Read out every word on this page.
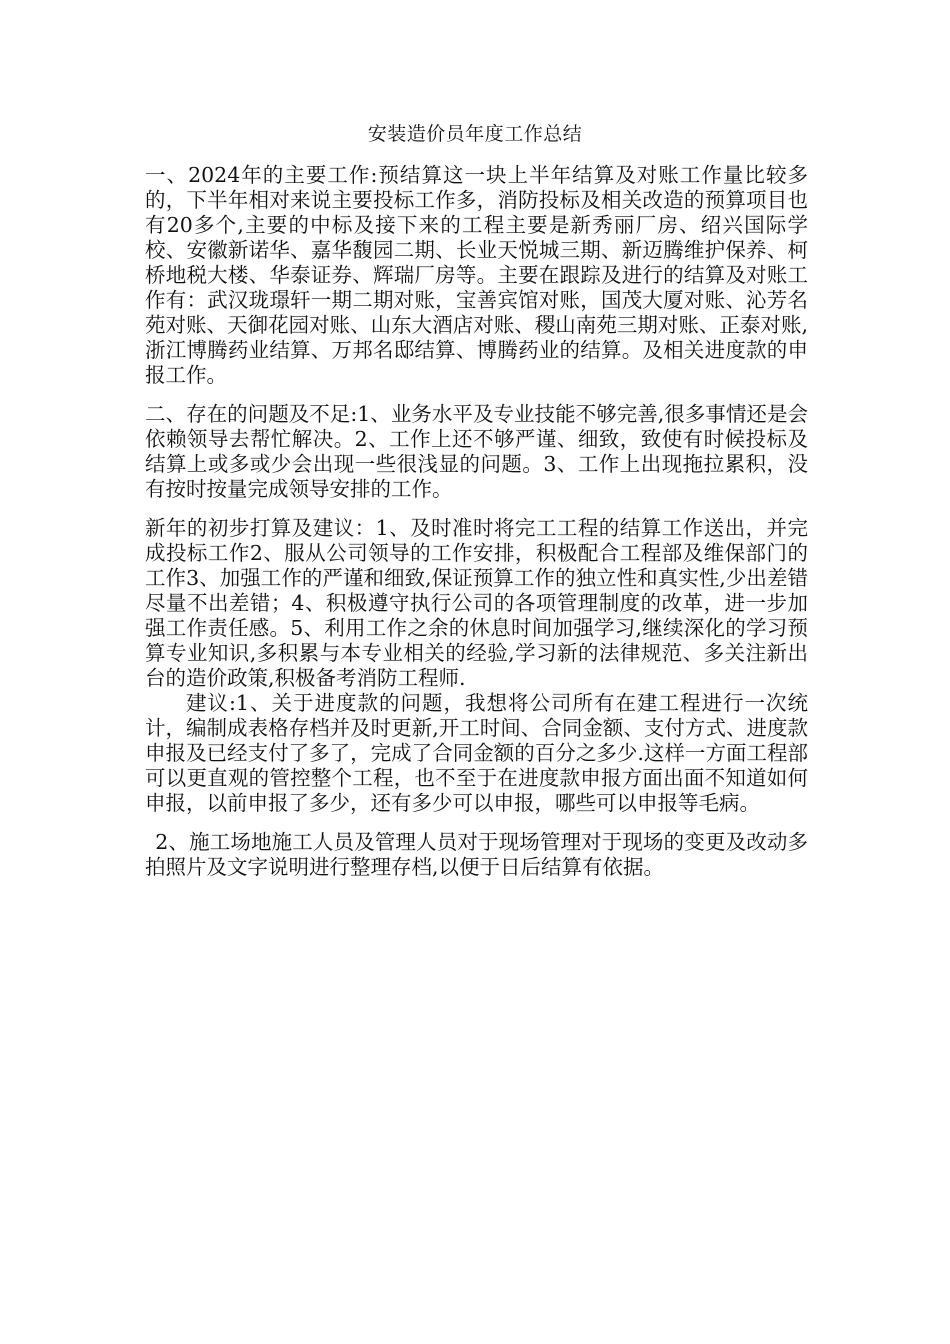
安装造价员年度工作总结

一、2024年的主要工作:预结算这一块上半年结算及对账工作量比较多的，下半年相对来说主要投标工作多，消防投标及相关改造的预算项目也有20多个,主要的中标及接下来的工程主要是新秀丽厂房、绍兴国际学校、安徽新诺华、嘉华馥园二期、长业天悦城三期、新迈腾维护保养、柯桥地税大楼、华泰证券、辉瑞厂房等。主要在跟踪及进行的结算及对账工作有：武汉珑璟轩一期二期对账，宝善宾馆对账，国茂大厦对账、沁芳名苑对账、天御花园对账、山东大酒店对账、稷山南苑三期对账、正泰对账,浙江博腾药业结算、万邦名邸结算、博腾药业的结算。及相关进度款的申报工作。

二、存在的问题及不足:1、业务水平及专业技能不够完善,很多事情还是会依赖领导去帮忙解决。2、工作上还不够严谨、细致，致使有时候投标及结算上或多或少会出现一些很浅显的问题。3、工作上出现拖拉累积，没有按时按量完成领导安排的工作。

新年的初步打算及建议：1、及时准时将完工工程的结算工作送出，并完成投标工作2、服从公司领导的工作安排，积极配合工程部及维保部门的工作3、加强工作的严谨和细致,保证预算工作的独立性和真实性,少出差错尽量不出差错；4、积极遵守执行公司的各项管理制度的改革，进一步加强工作责任感。5、利用工作之余的休息时间加强学习,继续深化的学习预算专业知识,多积累与本专业相关的经验,学习新的法律规范、多关注新出台的造价政策,积极备考消防工程师.

建议:1、关于进度款的问题，我想将公司所有在建工程进行一次统计，编制成表格存档并及时更新,开工时间、合同金额、支付方式、进度款申报及已经支付了多了，完成了合同金额的百分之多少.这样一方面工程部可以更直观的管控整个工程，也不至于在进度款申报方面出面不知道如何申报，以前申报了多少，还有多少可以申报，哪些可以申报等毛病。

2、施工场地施工人员及管理人员对于现场管理对于现场的变更及改动多拍照片及文字说明进行整理存档,以便于日后结算有依据。
